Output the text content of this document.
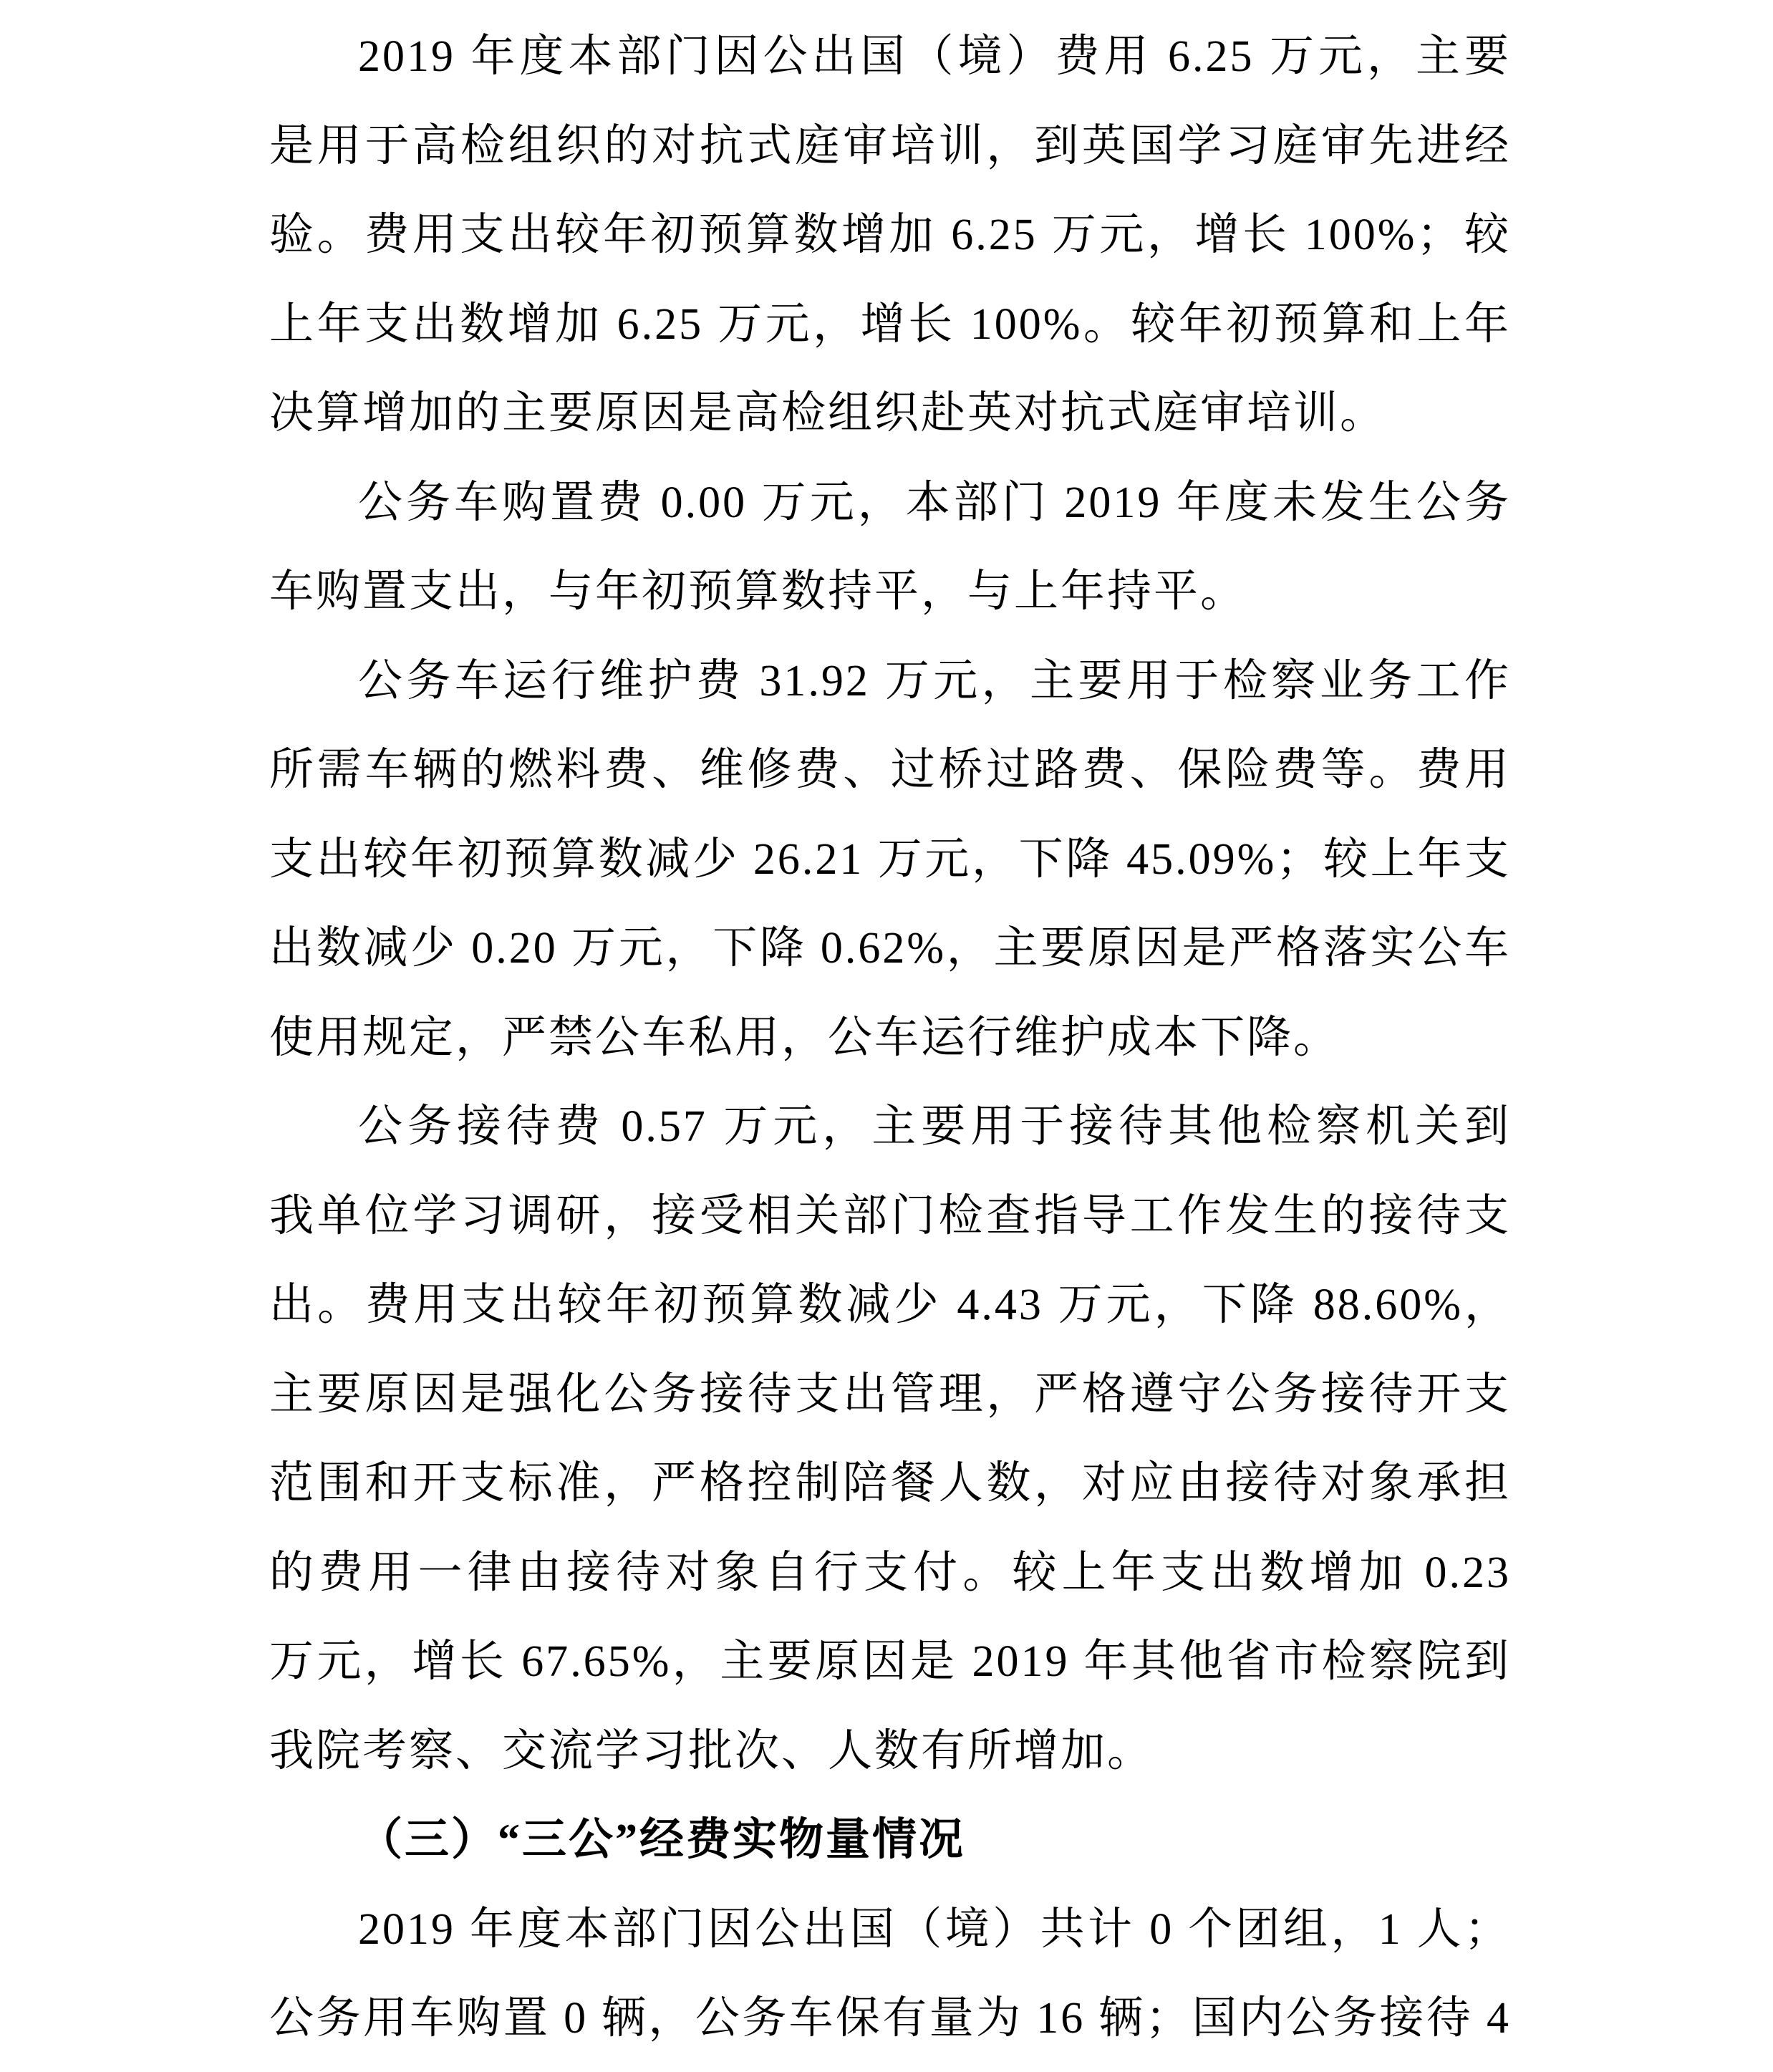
2019 年度本部门因公出国（境）费用 6.25 万元，主要
是用于高检组织的对抗式庭审培训，到英国学习庭审先进经
验。费用支出较年初预算数增加 6.25 万元，增长 100%；较
上年支出数增加 6.25 万元，增长 100%。较年初预算和上年
决算增加的主要原因是高检组织赴英对抗式庭审培训。
公务车购置费 0.00 万元，本部门 2019 年度未发生公务
车购置支出，与年初预算数持平，与上年持平。
公务车运行维护费 31.92 万元，主要用于检察业务工作
所需车辆的燃料费、维修费、过桥过路费、保险费等。费用
支出较年初预算数减少 26.21 万元，下降 45.09%；较上年支
出数减少 0.20 万元，下降 0.62%，主要原因是严格落实公车
使用规定，严禁公车私用，公车运行维护成本下降。
公务接待费 0.57 万元，主要用于接待其他检察机关到
我单位学习调研，接受相关部门检查指导工作发生的接待支
出。费用支出较年初预算数减少 4.43 万元，下降 88.60%，
主要原因是强化公务接待支出管理，严格遵守公务接待开支
范围和开支标准，严格控制陪餐人数，对应由接待对象承担
的费用一律由接待对象自行支付。较上年支出数增加 0.23
万元，增长 67.65%，主要原因是 2019 年其他省市检察院到
我院考察、交流学习批次、人数有所增加。
（三）“三公”经费实物量情况
2019 年度本部门因公出国（境）共计 0 个团组，1 人；
公务用车购置 0 辆，公务车保有量为 16 辆；国内公务接待 4
